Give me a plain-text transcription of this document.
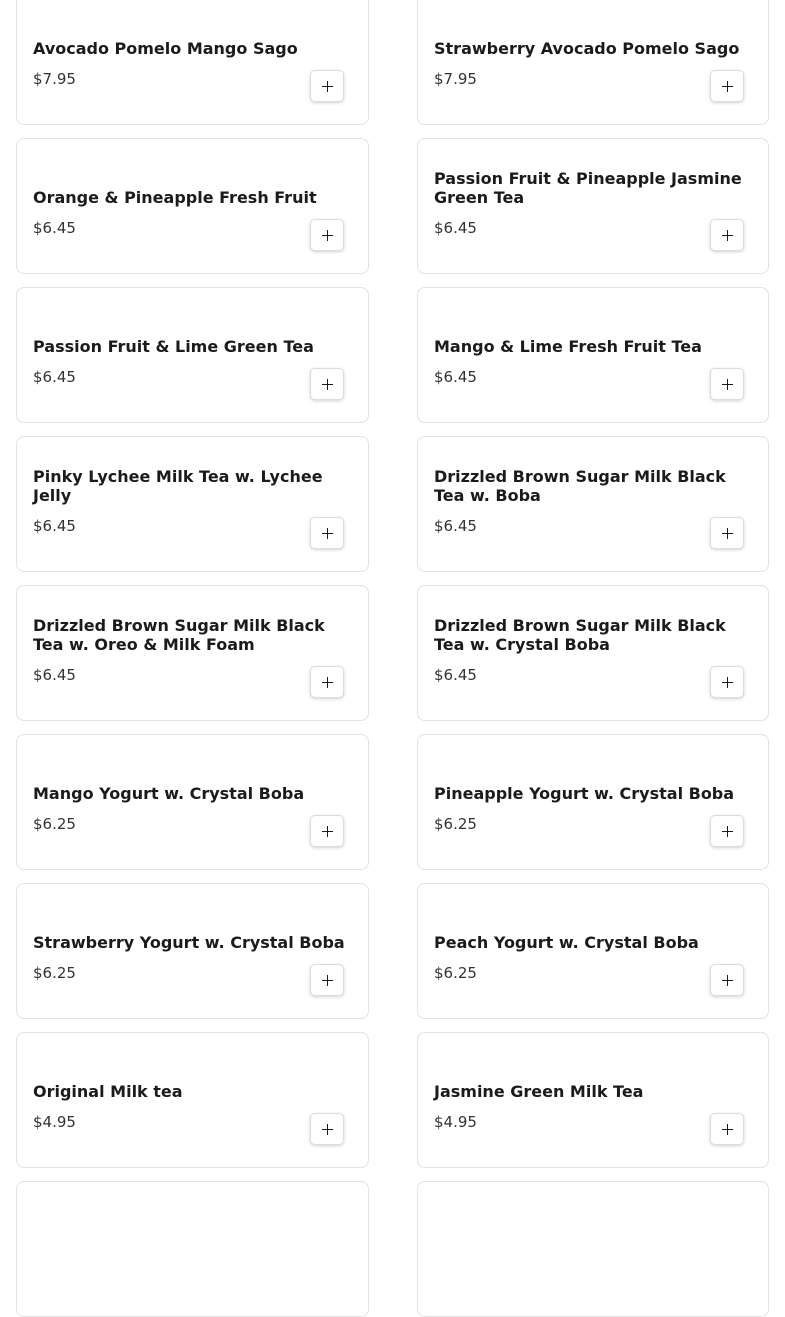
Avocado Pomelo Mango Sago
$7.95
Strawberry Avocado Pomelo Sago
$7.95
Orange & Pineapple Fresh Fruit
$6.45
Passion Fruit & Pineapple Jasmine Green Tea
$6.45
Passion Fruit & Lime Green Tea
$6.45
Mango & Lime Fresh Fruit Tea
$6.45
Pinky Lychee Milk Tea w. Lychee Jelly
$6.45
Drizzled Brown Sugar Milk Black Tea w. Boba
$6.45
Drizzled Brown Sugar Milk Black Tea w. Oreo & Milk Foam
$6.45
Drizzled Brown Sugar Milk Black Tea w. Crystal Boba
$6.45
Mango Yogurt w. Crystal Boba
$6.25
Pineapple Yogurt w. Crystal Boba
$6.25
Strawberry Yogurt w. Crystal Boba
$6.25
Peach Yogurt w. Crystal Boba
$6.25
Original Milk tea
$4.95
Jasmine Green Milk Tea
$4.95
